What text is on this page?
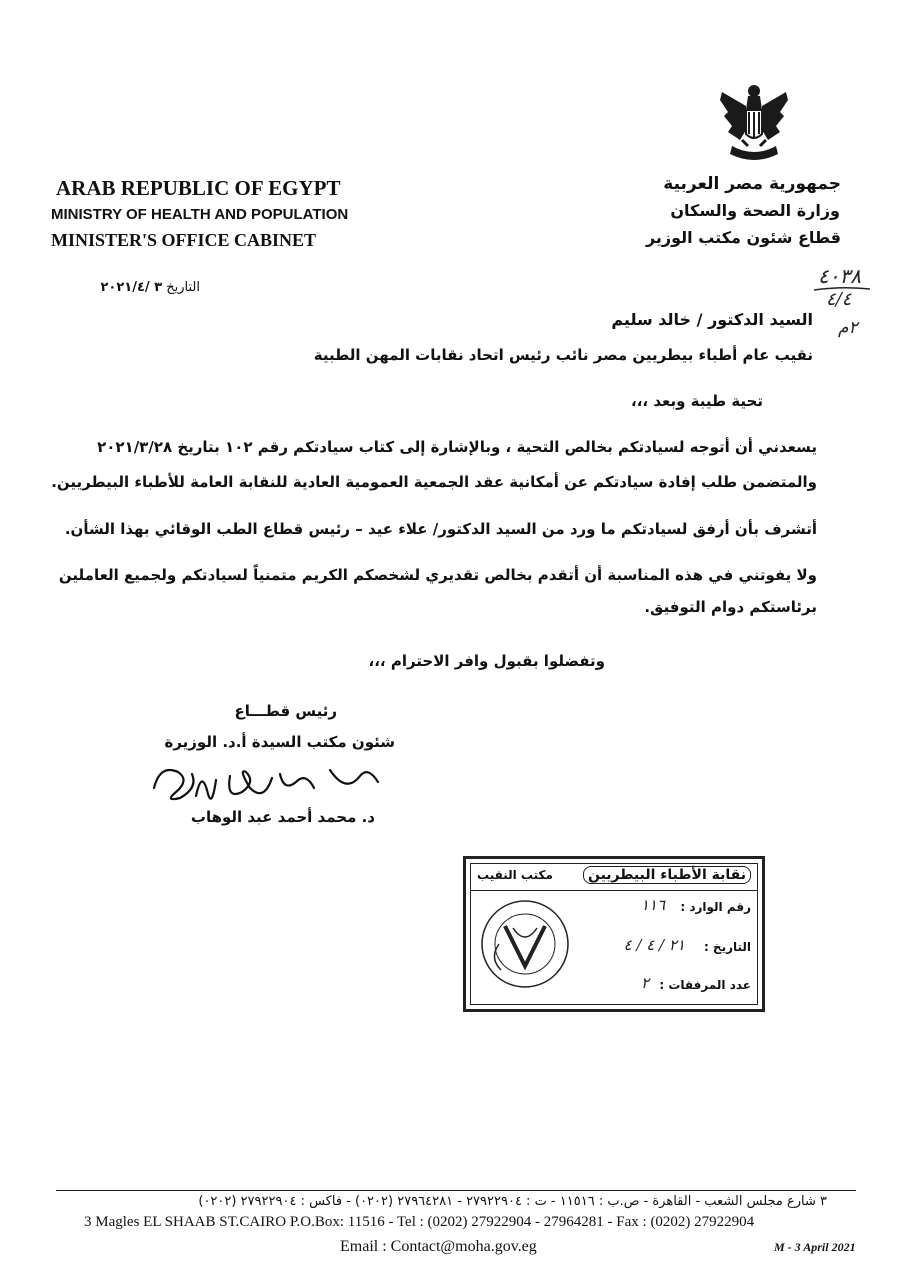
ARAB REPUBLIC OF EGYPT
MINISTRY OF HEALTH AND POPULATION
MINISTER'S OFFICE CABINET
جمهورية مصر العربية
وزارة الصحة والسكان
قطاع شئون مكتب الوزير
التاريخ ٣ /٢٠٢١/٤	٤٠٣٨
٤/٤
٢م
السيد الدكتور / خالد سليم
نقيب عام أطباء بيطريين مصر نائب رئيس اتحاد نقابات المهن الطبية
تحية طيبة وبعد ،،،
يسعدني أن أتوجه لسيادتكم بخالص التحية ، وبالإشارة إلى كتاب سيادتكم رقم ١٠٢ بتاريخ ٢٠٢١/٣/٢٨
والمتضمن طلب إفادة سيادتكم عن أمكانية عقد الجمعية العمومية العادية للنقابة العامة للأطباء البيطريين.
أتشرف بأن أرفق لسيادتكم ما ورد من السيد الدكتور/ علاء عيد – رئيس قطاع الطب الوقائي بهذا الشأن.
ولا يفوتني في هذه المناسبة أن أتقدم بخالص تقديري لشخصكم الكريم متمنياً لسيادتكم ولجميع العاملين
برئاستكم دوام التوفيق.
وتفضلوا بقبول وافر الاحترام ،،،
رئيس قطـــاع
شئون مكتب السيدة أ.د. الوزيرة
د. محمد أحمد عبد الوهاب
مكتب النقيب	نقابة الأطباء البيطريين
رقم الوارد :
١١٦
التاريخ :
٢١ / ٤ / ٤
عدد المرفقات :
٢
٣ شارع مجلس الشعب - القاهرة - ص.ب : ١١٥١٦ - ت : ٢٧٩٢٢٩٠٤ - ٢٧٩٦٤٢٨١ (٠٢٠٢) - فاكس : ٢٧٩٢٢٩٠٤ (٠٢٠٢)
3 Magles EL SHAAB ST.CAIRO P.O.Box: 11516 - Tel : (0202) 27922904 - 27964281 - Fax : (0202) 27922904
Email : Contact@moha.gov.eg	M - 3 April 2021
